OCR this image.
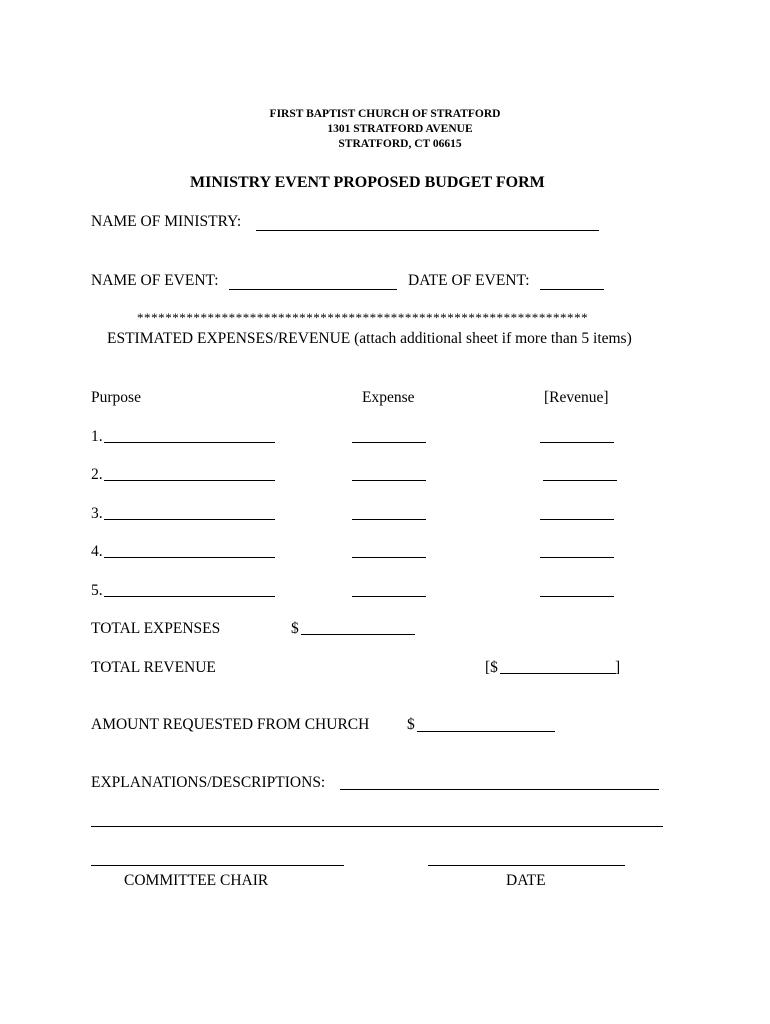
FIRST BAPTIST CHURCH OF STRATFORD
1301 STRATFORD AVENUE
STRATFORD, CT 06615
MINISTRY EVENT PROPOSED BUDGET FORM
NAME OF MINISTRY:
NAME OF EVENT:	DATE OF EVENT:
****************************************************************
ESTIMATED EXPENSES/REVENUE (attach additional sheet if more than 5 items)
Purpose	Expense	[Revenue]
1.
2.
3.
4.
5.
TOTAL EXPENSES	$
TOTAL REVENUE	[$	]
AMOUNT REQUESTED FROM CHURCH $
EXPLANATIONS/DESCRIPTIONS:
COMMITTEE CHAIR	DATE
